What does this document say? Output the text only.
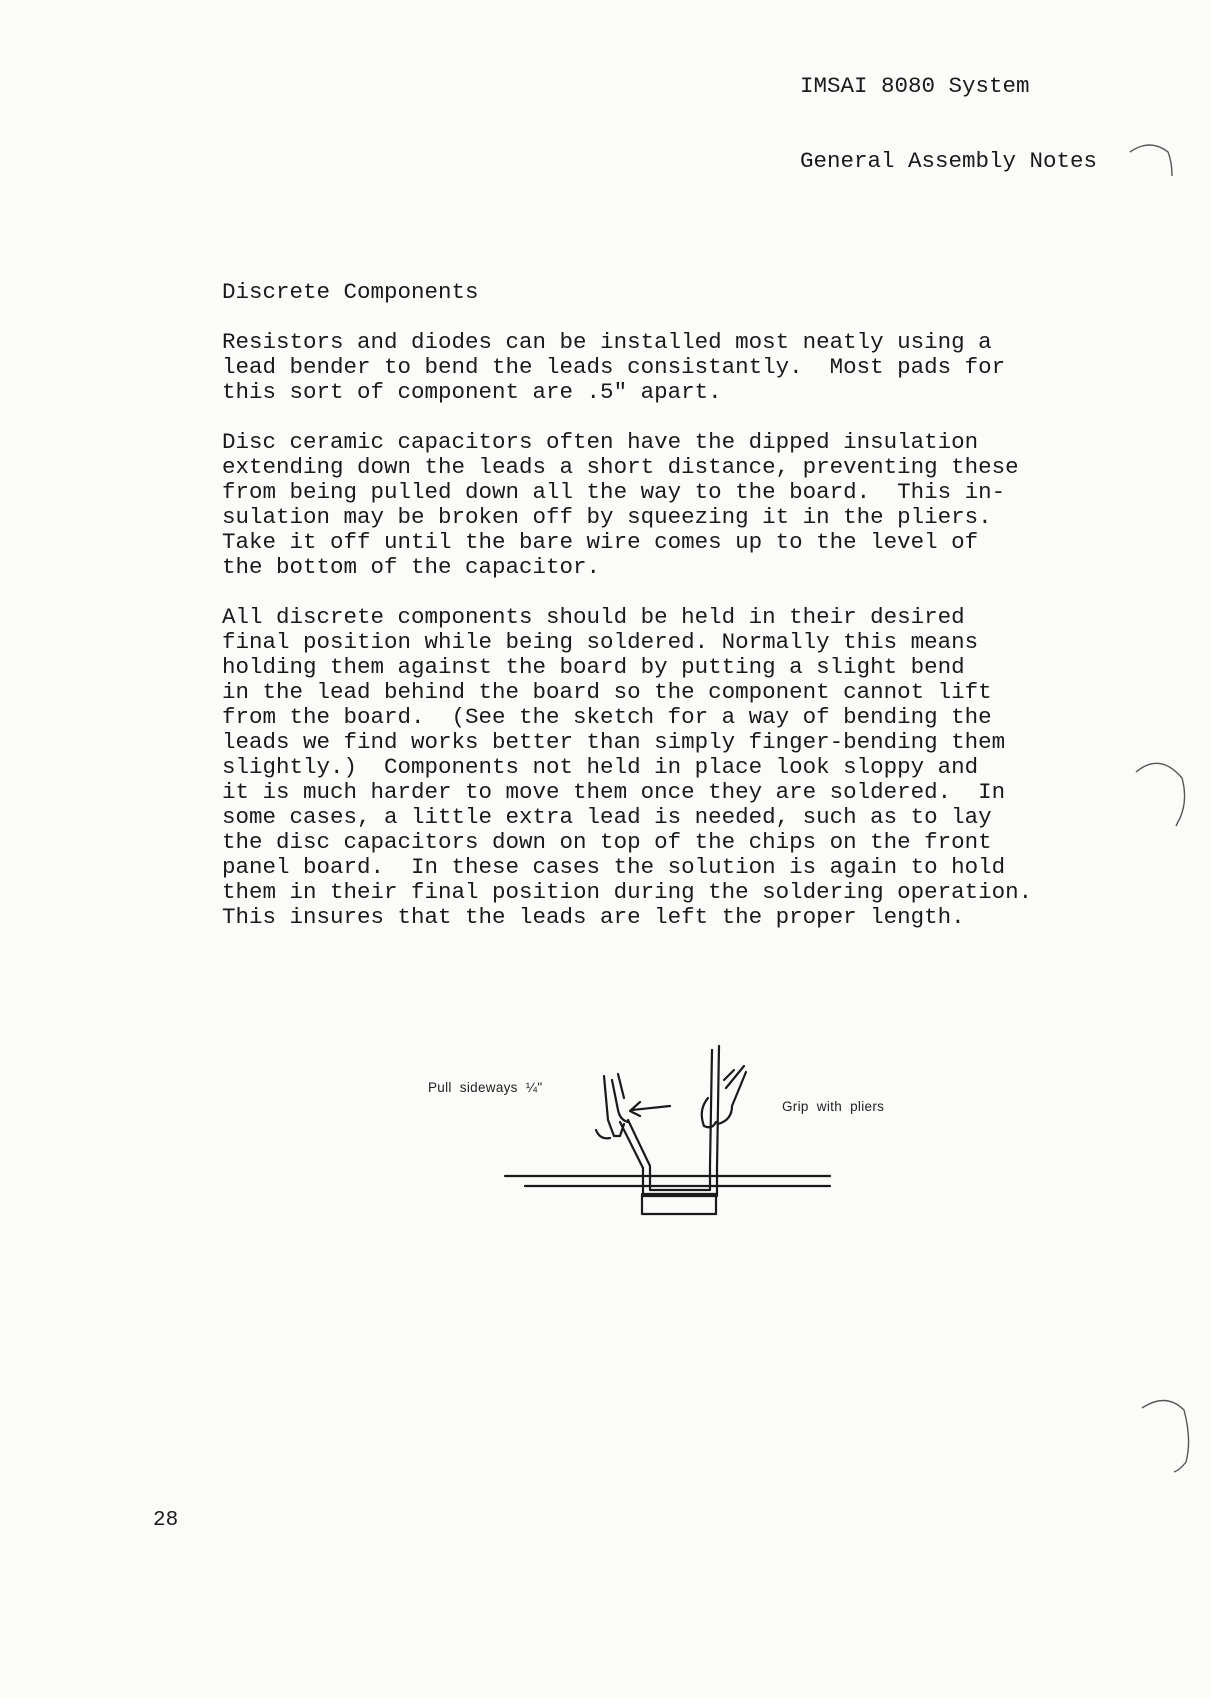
IMSAI 8080 System

General Assembly Notes

Discrete Components
Resistors and diodes can be installed most neatly using a
lead bender to bend the leads consistantly.  Most pads for
this sort of component are .5" apart.
Disc ceramic capacitors often have the dipped insulation
extending down the leads a short distance, preventing these
from being pulled down all the way to the board.  This in-
sulation may be broken off by squeezing it in the pliers.
Take it off until the bare wire comes up to the level of
the bottom of the capacitor.
All discrete components should be held in their desired
final position while being soldered. Normally this means
holding them against the board by putting a slight bend
in the lead behind the board so the component cannot lift
from the board.  (See the sketch for a way of bending the
leads we find works better than simply finger-bending them
slightly.)  Components not held in place look sloppy and
it is much harder to move them once they are soldered.  In
some cases, a little extra lead is needed, such as to lay
the disc capacitors down on top of the chips on the front
panel board.  In these cases the solution is again to hold
them in their final position during the soldering operation.
This insures that the leads are left the proper length.
Pull  sideways  ¼"
Grip  with  pliers
28
